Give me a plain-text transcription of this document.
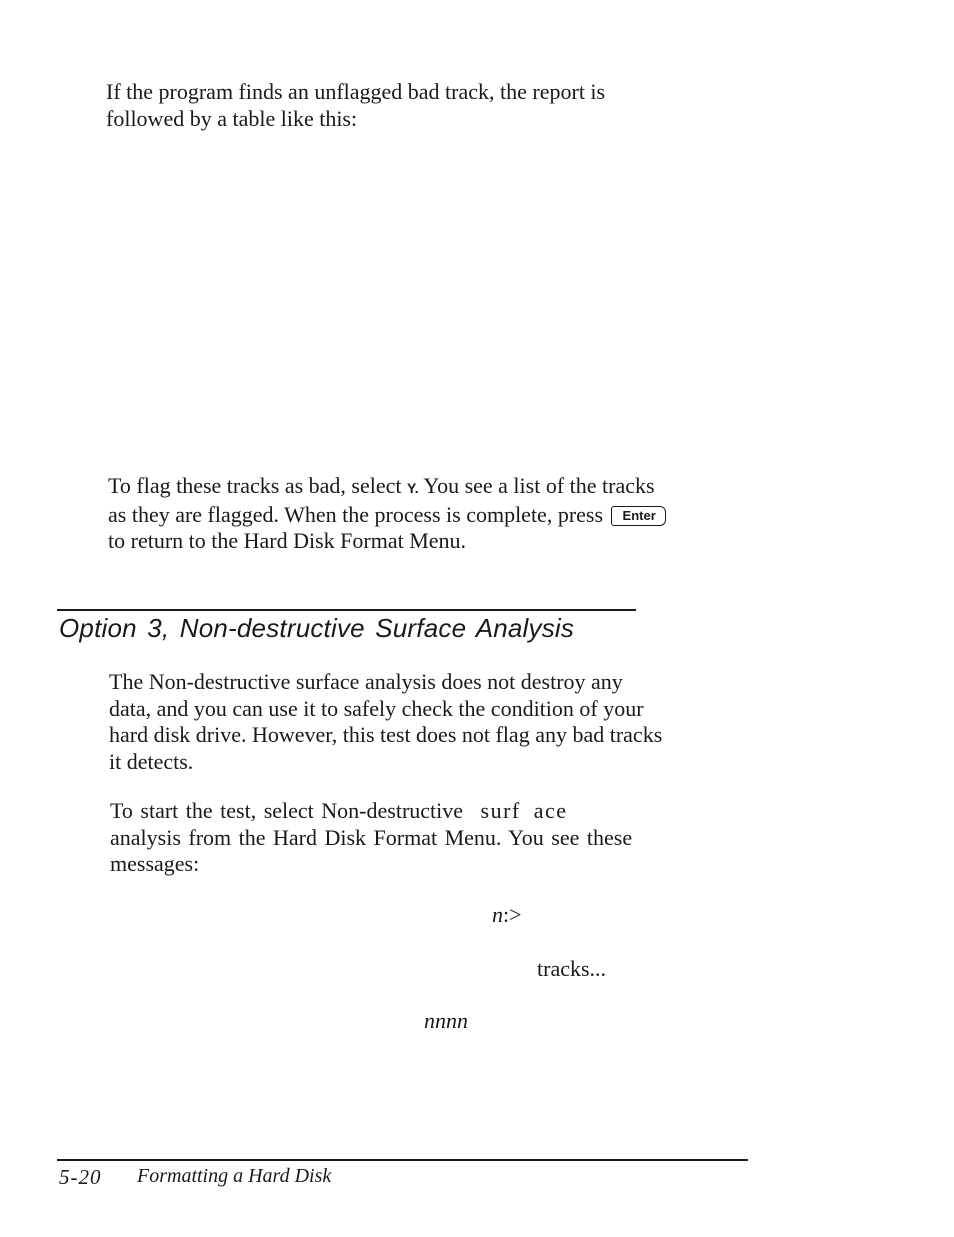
If the program finds an unflagged bad track, the report is
followed by a table like this:

To flag these tracks as bad, select Y. You see a list of the tracks
as they are flagged. When the process is complete, press Enter
to return to the Hard Disk Format Menu.

Option 3, Non-destructive Surface Analysis

The Non-destructive surface analysis does not destroy any
data, and you can use it to safely check the condition of your
hard disk drive. However, this test does not flag any bad tracks
it detects.

To start the test, select Non-destructive surf ace
analysis from the Hard Disk Format Menu. You see these
messages:

n:>

tracks...

nnnn

5-20 Formatting a Hard Disk
